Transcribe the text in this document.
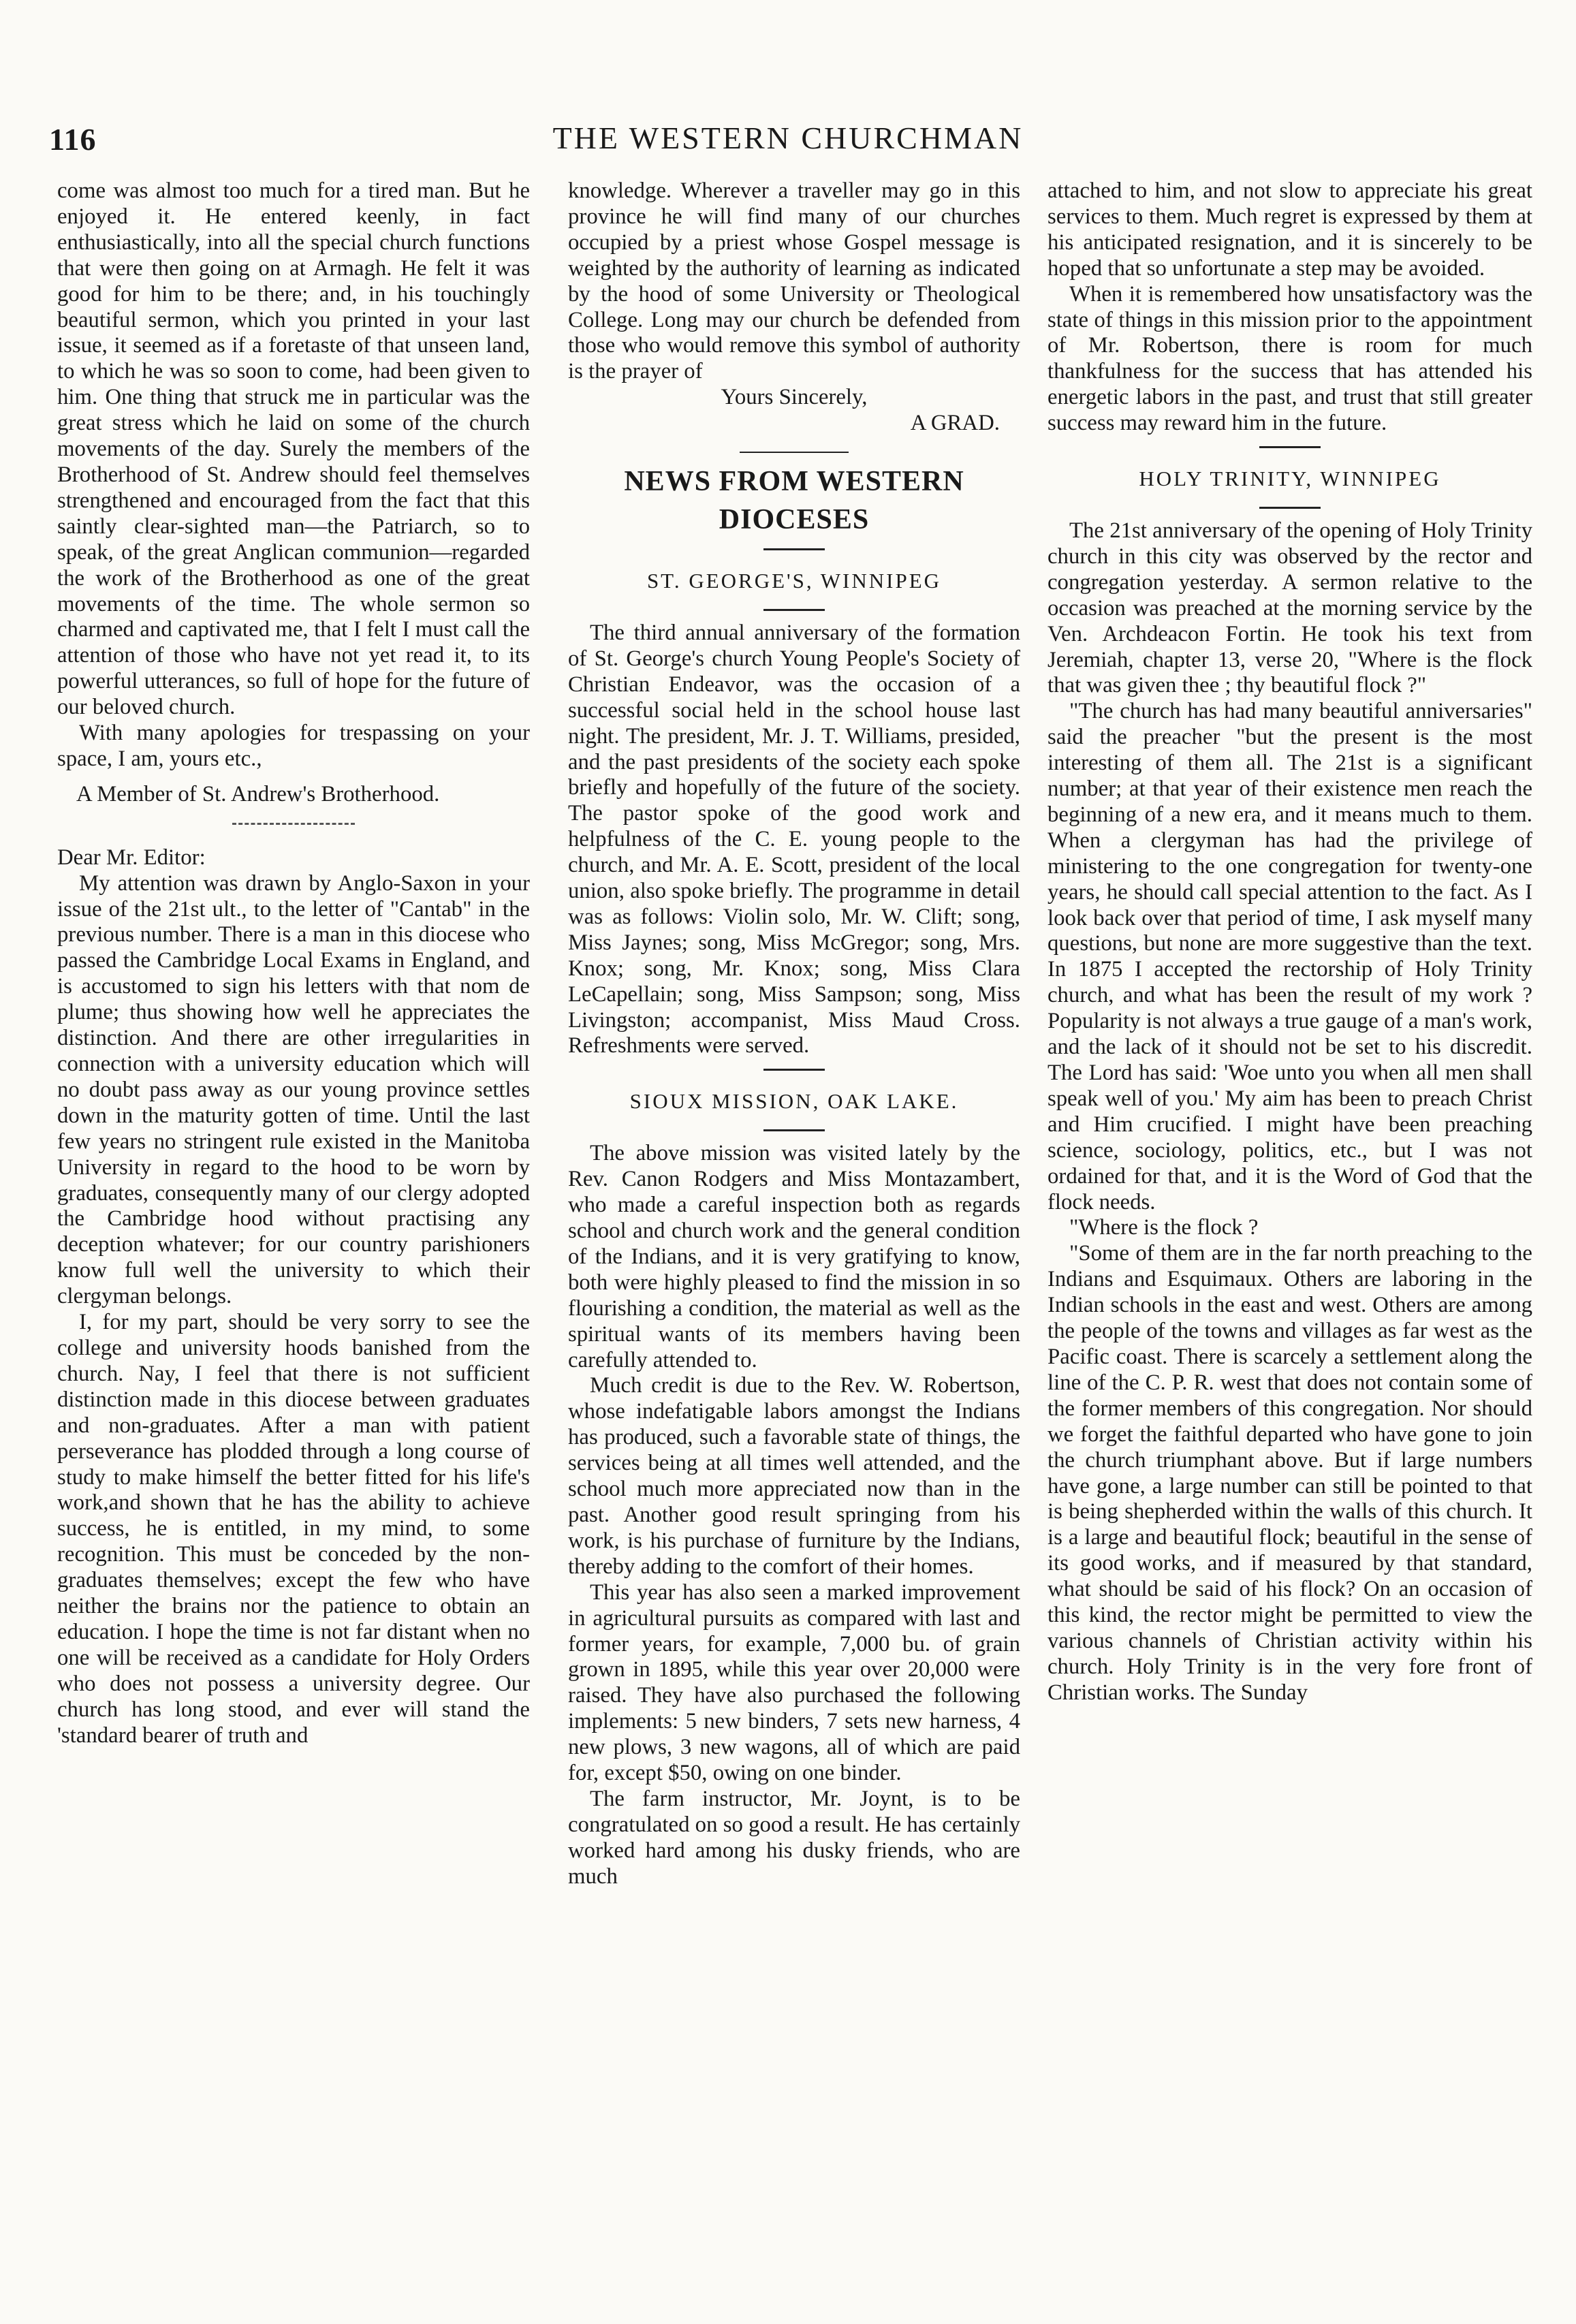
116	THE WESTERN CHURCHMAN

come was almost too much for a tired man. But he enjoyed it. He entered keenly, in fact enthusiastically, into all the special church functions that were then going on at Armagh. He felt it was good for him to be there; and, in his touchingly beautiful sermon, which you printed in your last issue, it seemed as if a foretaste of that unseen land, to which he was so soon to come, had been given to him. One thing that struck me in particular was the great stress which he laid on some of the church movements of the day. Surely the members of the Brotherhood of St. Andrew should feel themselves strengthened and encouraged from the fact that this saintly clear-sighted man—the Patriarch, so to speak, of the great Anglican communion—regarded the work of the Brotherhood as one of the great movements of the time. The whole sermon so charmed and captivated me, that I felt I must call the attention of those who have not yet read it, to its powerful utterances, so full of hope for the future of our beloved church.

With many apologies for trespassing on your space, I am, yours etc.,

A Member of St. Andrew's Brotherhood.

Dear Mr. Editor:

My attention was drawn by Anglo-Saxon in your issue of the 21st ult., to the letter of "Cantab" in the previous number. There is a man in this diocese who passed the Cambridge Local Exams in England, and is accustomed to sign his letters with that nom de plume; thus showing how well he appreciates the distinction. And there are other irregularities in connection with a university education which will no doubt pass away as our young province settles down in the maturity gotten of time. Until the last few years no stringent rule existed in the Manitoba University in regard to the hood to be worn by graduates, consequently many of our clergy adopted the Cambridge hood without practising any deception whatever; for our country parishioners know full well the university to which their clergyman belongs.

I, for my part, should be very sorry to see the college and university hoods banished from the church. Nay, I feel that there is not sufficient distinction made in this diocese between graduates and non-graduates. After a man with patient perseverance has plodded through a long course of study to make himself the better fitted for his life's work,and shown that he has the ability to achieve success, he is entitled, in my mind, to some recognition. This must be conceded by the non-graduates themselves; except the few who have neither the brains nor the patience to obtain an education. I hope the time is not far distant when no one will be received as a candidate for Holy Orders who does not possess a university degree. Our church has long stood, and ever will stand the 'standard bearer of truth and

knowledge. Wherever a traveller may go in this province he will find many of our churches occupied by a priest whose Gospel message is weighted by the authority of learning as indicated by the hood of some University or Theological College. Long may our church be defended from those who would remove this symbol of authority is the prayer of

Yours Sincerely,

A GRAD.

NEWS FROM WESTERN DIOCESES
ST. GEORGE'S, WINNIPEG

The third annual anniversary of the formation of St. George's church Young People's Society of Christian Endeavor, was the occasion of a successful social held in the school house last night. The president, Mr. J. T. Williams, presided, and the past presidents of the society each spoke briefly and hopefully of the future of the society. The pastor spoke of the good work and helpfulness of the C. E. young people to the church, and Mr. A. E. Scott, president of the local union, also spoke briefly. The programme in detail was as follows: Violin solo, Mr. W. Clift; song, Miss Jaynes; song, Miss McGregor; song, Mrs. Knox; song, Mr. Knox; song, Miss Clara LeCapellain; song, Miss Sampson; song, Miss Livingston; accompanist, Miss Maud Cross. Refreshments were served.

SIOUX MISSION, OAK LAKE.

The above mission was visited lately by the Rev. Canon Rodgers and Miss Montazambert, who made a careful inspection both as regards school and church work and the general condition of the Indians, and it is very gratifying to know, both were highly pleased to find the mission in so flourishing a condition, the material as well as the spiritual wants of its members having been carefully attended to.

Much credit is due to the Rev. W. Robertson, whose indefatigable labors amongst the Indians has produced, such a favorable state of things, the services being at all times well attended, and the school much more appreciated now than in the past. Another good result springing from his work, is his purchase of furniture by the Indians, thereby adding to the comfort of their homes.

This year has also seen a marked improvement in agricultural pursuits as compared with last and former years, for example, 7,000 bu. of grain grown in 1895, while this year over 20,000 were raised. They have also purchased the following implements: 5 new binders, 7 sets new harness, 4 new plows, 3 new wagons, all of which are paid for, except $50, owing on one binder.

The farm instructor, Mr. Joynt, is to be congratulated on so good a result. He has certainly worked hard among his dusky friends, who are much

attached to him, and not slow to appreciate his great services to them. Much regret is expressed by them at his anticipated resignation, and it is sincerely to be hoped that so unfortunate a step may be avoided.

When it is remembered how unsatisfactory was the state of things in this mission prior to the appointment of Mr. Robertson, there is room for much thankfulness for the success that has attended his energetic labors in the past, and trust that still greater success may reward him in the future.

HOLY TRINITY, WINNIPEG

The 21st anniversary of the opening of Holy Trinity church in this city was observed by the rector and congregation yesterday. A sermon relative to the occasion was preached at the morning service by the Ven. Archdeacon Fortin. He took his text from Jeremiah, chapter 13, verse 20, "Where is the flock that was given thee ; thy beautiful flock ?"

"The church has had many beautiful anniversaries" said the preacher "but the present is the most interesting of them all. The 21st is a significant number; at that year of their existence men reach the beginning of a new era, and it means much to them. When a clergyman has had the privilege of ministering to the one congregation for twenty-one years, he should call special attention to the fact. As I look back over that period of time, I ask myself many questions, but none are more suggestive than the text. In 1875 I accepted the rectorship of Holy Trinity church, and what has been the result of my work ? Popularity is not always a true gauge of a man's work, and the lack of it should not be set to his discredit. The Lord has said: 'Woe unto you when all men shall speak well of you.' My aim has been to preach Christ and Him crucified. I might have been preaching science, sociology, politics, etc., but I was not ordained for that, and it is the Word of God that the flock needs.

"Where is the flock ?

"Some of them are in the far north preaching to the Indians and Esquimaux. Others are laboring in the Indian schools in the east and west. Others are among the people of the towns and villages as far west as the Pacific coast. There is scarcely a settlement along the line of the C. P. R. west that does not contain some of the former members of this congregation. Nor should we forget the faithful departed who have gone to join the church triumphant above. But if large numbers have gone, a large number can still be pointed to that is being shepherded within the walls of this church. It is a large and beautiful flock; beautiful in the sense of its good works, and if measured by that standard, what should be said of his flock? On an occasion of this kind, the rector might be permitted to view the various channels of Christian activity within his church. Holy Trinity is in the very fore front of Christian works. The Sunday
